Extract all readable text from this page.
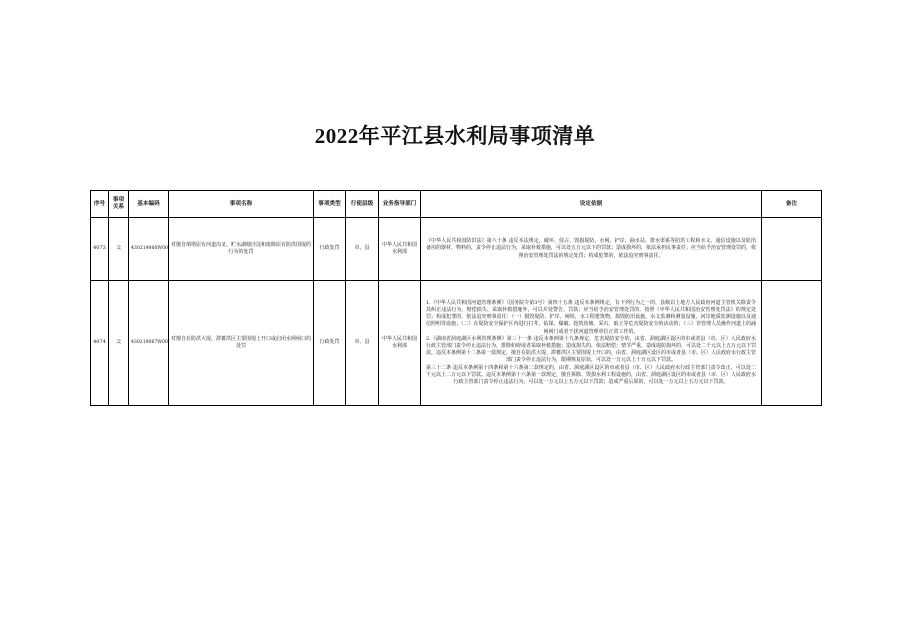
2022年平江县水利局事项清单
序号	事项关系	基本编码	事项名称	事项类型	行使层级	业务指导部门	设定依据	备注
4073	父	430219066W00	对擅自填堵原有河道沟叉、贮水湖塘洼淀和废除原有防洪围堤的行为的处罚	行政处罚	市、县	中华人民共和国水利部	《中华人民共和国防洪法》第六十条 违反本法规定，破坏、侵占、毁损堤防、水闸、护岸、抽水站、排水渠系等防洪工程和水文、通信设施以及防汛备用的器材、物料的，责令停止违法行为，采取补救措施，可以处五万元以下的罚款；造成损坏的，依法承担民事责任；应当给予治安管理处罚的，依照治安管理处罚法的规定处罚；构成犯罪的，依法追究刑事责任。	

4074	父	430219067W00	对擅自在防洪大堤、滞蓄洪区主要围堤上开口或启闭水闸闸口的处罚	行政处罚	市、县	中华人民共和国水利部	1.《中华人民共和国河道管理条例》（国务院令第3号）第四十五条 违反本条例规定，有下列行为之一的，县级以上地方人民政府河道主管机关除责令其纠正违法行为、赔偿损失、采取补救措施外，可以并处警告、罚款；应当给予治安管理处罚的，按照《中华人民共和国治安管理处罚法》的规定处罚；构成犯罪的，依法追究刑事责任：（一）损毁堤防、护岸、闸坝、水工程建筑物，损毁防汛设施、水文监测和测量设施、河岸地质监测设施以及通信照明等设施；（二）在堤防安全保护区内进行打井、钻探、爆破、挖筑鱼塘、采石、取土等危害堤防安全的活动的；（三）非管理人员操作河道上的涵闸闸门或者干扰河道管理单位正常工作的。
2.《湖南省洞庭湖区水利管理条例》第三十一条 违反本条例第十九条规定，危害堤防安全的，由省、洞庭湖区设区的市或者县（市、区）人民政府水行政主管部门责令停止违法行为，排除妨碍或者采取补救措施；造成损失的，依法赔偿；情节严重，造成堤防损坏的，可以处二千元以上五万元以下罚款。违反本条例第十二条第一款规定，擅自在防洪大堤、滞蓄洪区主要围堤上开口的，由省、洞庭湖区设区的市或者县（市、区）人民政府水行政主管部门责令停止违法行为，限期恢复原状，可以处一万元以上十万元以下罚款。
第三十二条 违反本条例第十四条和第十六条第二款规定的，由省、洞庭湖区设区的市或者县（市、区）人民政府水行政主管部门责令改正，可以处二千元以上二万元以下罚款。违反本条例第十六条第一款规定，擅自拆除、毁损水利工程设施的，由省、洞庭湖区设区的市或者县（市、区）人民政府水行政主管部门责令停止违法行为，可以处一万元以上五万元以下罚款；造成严重后果的，可以处一万元以上五万元以下罚款。	
